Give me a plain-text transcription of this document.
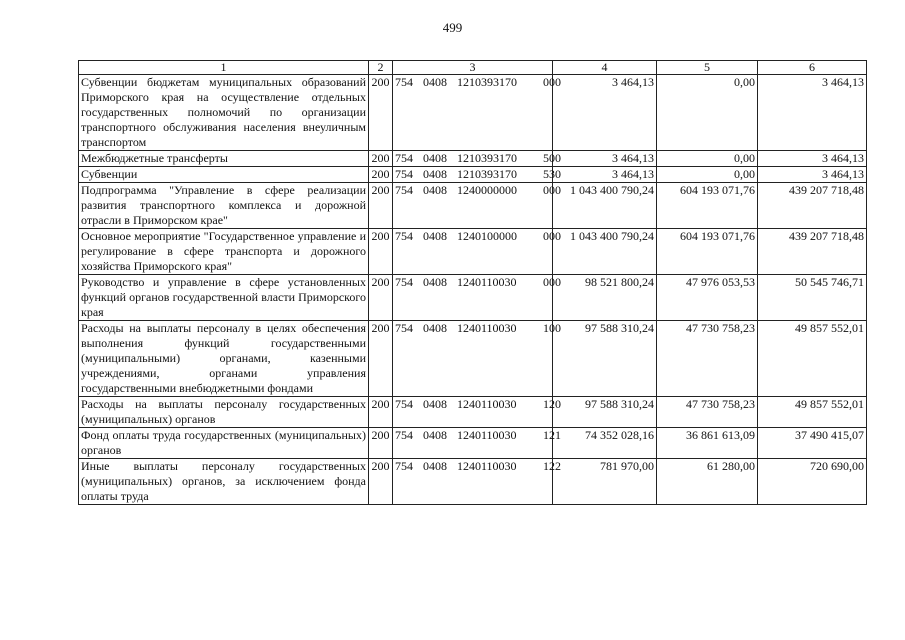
499
1	2	3	4	5	6
Субвенции бюджетам муниципальных образований Приморского края на осуществление отдельных государственных полномочий по организации транспортного обслуживания населения внеуличным транспортом	200	754 0408 1210393170 000	3 464,13	0,00	3 464,13
Межбюджетные трансферты	200	754 0408 1210393170 500	3 464,13	0,00	3 464,13
Субвенции	200	754 0408 1210393170 530	3 464,13	0,00	3 464,13
Подпрограмма "Управление в сфере реализации развития транспортного комплекса и дорожной отрасли в Приморском крае"	200	754 0408 1240000000 000	1 043 400 790,24	604 193 071,76	439 207 718,48
Основное мероприятие "Государственное управление и регулирование в сфере транспорта и дорожного хозяйства Приморского края"	200	754 0408 1240100000 000	1 043 400 790,24	604 193 071,76	439 207 718,48
Руководство и управление в сфере установленных функций органов государственной власти Приморского края	200	754 0408 1240110030 000	98 521 800,24	47 976 053,53	50 545 746,71
Расходы на выплаты персоналу в целях обеспечения выполнения функций государственными (муниципальными) органами, казенными учреждениями, органами управления государственными внебюджетными фондами	200	754 0408 1240110030 100	97 588 310,24	47 730 758,23	49 857 552,01
Расходы на выплаты персоналу государственных (муниципальных) органов	200	754 0408 1240110030 120	97 588 310,24	47 730 758,23	49 857 552,01
Фонд оплаты труда государственных (муниципальных) органов	200	754 0408 1240110030 121	74 352 028,16	36 861 613,09	37 490 415,07
Иные выплаты персоналу государственных (муниципальных) органов, за исключением фонда оплаты труда	200	754 0408 1240110030 122	781 970,00	61 280,00	720 690,00
